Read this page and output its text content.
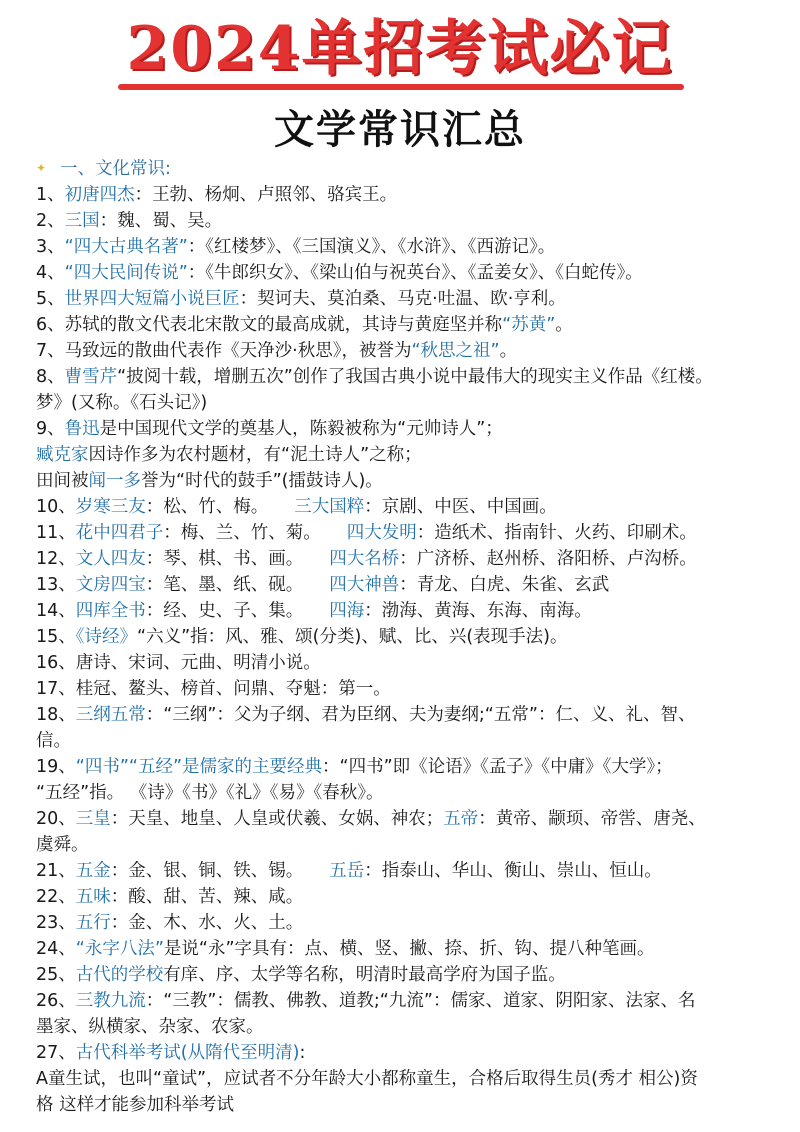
2024单招考试必记
文学常识汇总
✦ 一、文化常识:
1、初唐四杰：王勃、杨炯、卢照邻、骆宾王。
2、三国：魏、蜀、吴。
3、“四大古典名著”：《红楼梦》、《三国演义》、《水浒》、《西游记》。
4、“四大民间传说”：《牛郎织女》、《梁山伯与祝英台》、《孟姜女》、《白蛇传》。
5、世界四大短篇小说巨匠：契诃夫、莫泊桑、马克·吐温、欧·亨利。
6、苏轼的散文代表北宋散文的最高成就，其诗与黄庭坚并称“苏黄”。
7、马致远的散曲代表作《天净沙·秋思》，被誉为“秋思之祖”。
8、曹雪芹“披阅十载，增删五次”创作了我国古典小说中最伟大的现实主义作品《红楼。
梦》(又称。《石头记》)
9、鲁迅是中国现代文学的奠基人，陈毅被称为“元帅诗人”；
臧克家因诗作多为农村题材，有“泥土诗人”之称；
田间被闻一多誉为“时代的鼓手”(擂鼓诗人)。
10、岁寒三友：松、竹、梅。 三大国粹：京剧、中医、中国画。
11、花中四君子：梅、兰、竹、菊。 四大发明：造纸术、指南针、火药、印刷术。
12、文人四友：琴、棋、书、画。 四大名桥：广济桥、赵州桥、洛阳桥、卢沟桥。
13、文房四宝：笔、墨、纸、砚。 四大神兽：青龙、白虎、朱雀、玄武
14、四库全书：经、史、子、集。 四海：渤海、黄海、东海、南海。
15、《诗经》“六义”指：风、雅、颂(分类)、赋、比、兴(表现手法)。
16、唐诗、宋词、元曲、明清小说。
17、桂冠、鳌头、榜首、问鼎、夺魁：第一。
18、三纲五常：“三纲”：父为子纲、君为臣纲、夫为妻纲;“五常”：仁、义、礼、智、
信。
19、“四书”“五经”是儒家的主要经典：“四书”即《论语》《孟子》《中庸》《大学》；
“五经”指。 《诗》《书》《礼》《易》《春秋》。
20、三皇：天皇、地皇、人皇或伏羲、女娲、神农；五帝：黄帝、颛顼、帝喾、唐尧、
虞舜。
21、五金：金、银、铜、铁、锡。 五岳：指泰山、华山、衡山、崇山、恒山。
22、五味：酸、甜、苦、辣、咸。
23、五行：金、木、水、火、土。
24、“永字八法”是说“永”字具有：点、横、竖、撇、捺、折、钩、提八种笔画。
25、古代的学校有庠、序、太学等名称，明清时最高学府为国子监。
26、三教九流：“三教”：儒教、佛教、道教;“九流”：儒家、道家、阴阳家、法家、名
墨家、纵横家、杂家、农家。
27、古代科举考试(从隋代至明清):
A童生试，也叫“童试”，应试者不分年龄大小都称童生，合格后取得生员(秀才 相公)资
格 这样才能参加科举考试
